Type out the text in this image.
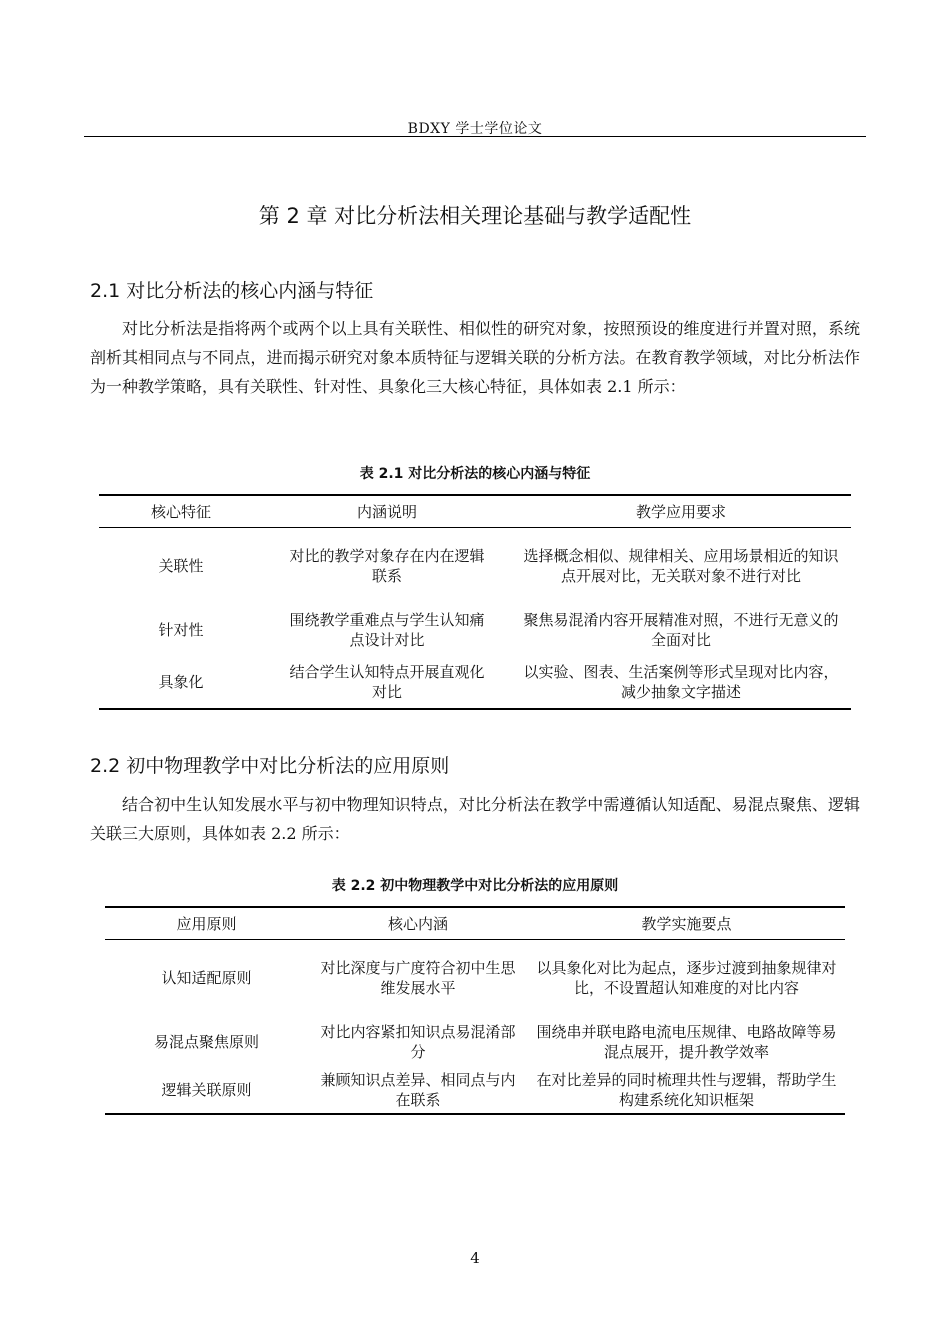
BDXY 学士学位论文
第 2 章 对比分析法相关理论基础与教学适配性
2.1 对比分析法的核心内涵与特征

对比分析法是指将两个或两个以上具有关联性、相似性的研究对象，按照预设的维度进行并置对照，系统剖析其相同点与不同点，进而揭示研究对象本质特征与逻辑关联的分析方法。在教育教学领域，对比分析法作为一种教学策略，具有关联性、针对性、具象化三大核心特征，具体如表 2.1 所示：

表 2.1 对比分析法的核心内涵与特征
核心特征	内涵说明	教学应用要求
关联性	对比的教学对象存在内在逻辑联系	选择概念相似、规律相关、应用场景相近的知识点开展对比，无关联对象不进行对比
针对性	围绕教学重难点与学生认知痛点设计对比	聚焦易混淆内容开展精准对照，不进行无意义的全面对比
具象化	结合学生认知特点开展直观化对比	以实验、图表、生活案例等形式呈现对比内容，减少抽象文字描述
2.2 初中物理教学中对比分析法的应用原则

结合初中生认知发展水平与初中物理知识特点，对比分析法在教学中需遵循认知适配、易混点聚焦、逻辑关联三大原则，具体如表 2.2 所示：

表 2.2 初中物理教学中对比分析法的应用原则
应用原则	核心内涵	教学实施要点
认知适配原则	对比深度与广度符合初中生思维发展水平	以具象化对比为起点，逐步过渡到抽象规律对比，不设置超认知难度的对比内容
易混点聚焦原则	对比内容紧扣知识点易混淆部分	围绕串并联电路电流电压规律、电路故障等易混点展开，提升教学效率
逻辑关联原则	兼顾知识点差异、相同点与内在联系	在对比差异的同时梳理共性与逻辑，帮助学生构建系统化知识框架
4
